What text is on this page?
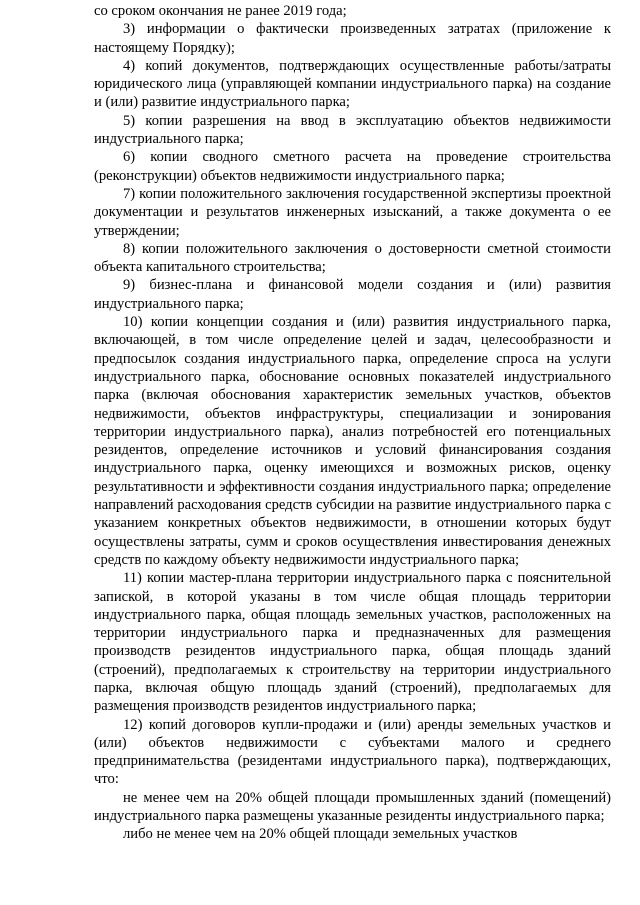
со сроком окончания не ранее 2019 года;

3) информации о фактически произведенных затратах (приложение к настоящему Порядку);

4) копий документов, подтверждающих осуществленные работы/затраты юридического лица (управляющей компании индустриального парка) на создание и (или) развитие индустриального парка;

5) копии разрешения на ввод в эксплуатацию объектов недвижимости индустриального парка;

6) копии сводного сметного расчета на проведение строительства (реконструкции) объектов недвижимости индустриального парка;

7) копии положительного заключения государственной экспертизы проектной документации и результатов инженерных изысканий, а также документа о ее утверждении;

8) копии положительного заключения о достоверности сметной стоимости объекта капитального строительства;

9) бизнес-плана и финансовой модели создания и (или) развития индустриального парка;

10) копии концепции создания и (или) развития индустриального парка, включающей, в том числе определение целей и задач, целесообразности и предпосылок создания индустриального парка, определение спроса на услуги индустриального парка, обоснование основных показателей индустриального парка (включая обоснования характеристик земельных участков, объектов недвижимости, объектов инфраструктуры, специализации и зонирования территории индустриального парка), анализ потребностей его потенциальных резидентов, определение источников и условий финансирования создания индустриального парка, оценку имеющихся и возможных рисков, оценку результативности и эффективности создания индустриального парка; определение направлений расходования средств субсидии на развитие индустриального парка с указанием конкретных объектов недвижимости, в отношении которых будут осуществлены затраты, сумм и сроков осуществления инвестирования денежных средств по каждому объекту недвижимости индустриального парка;

11) копии мастер-плана территории индустриального парка с пояснительной запиской, в которой указаны в том числе общая площадь территории индустриального парка, общая площадь земельных участков, расположенных на территории индустриального парка и предназначенных для размещения производств резидентов индустриального парка, общая площадь зданий (строений), предполагаемых к строительству на территории индустриального парка, включая общую площадь зданий (строений), предполагаемых для размещения производств резидентов индустриального парка;

12) копий договоров купли-продажи и (или) аренды земельных участков и (или) объектов недвижимости с субъектами малого и среднего предпринимательства (резидентами индустриального парка), подтверждающих, что:

не менее чем на 20% общей площади промышленных зданий (помещений) индустриального парка размещены указанные резиденты индустриального парка;

либо не менее чем на 20% общей площади земельных участков
